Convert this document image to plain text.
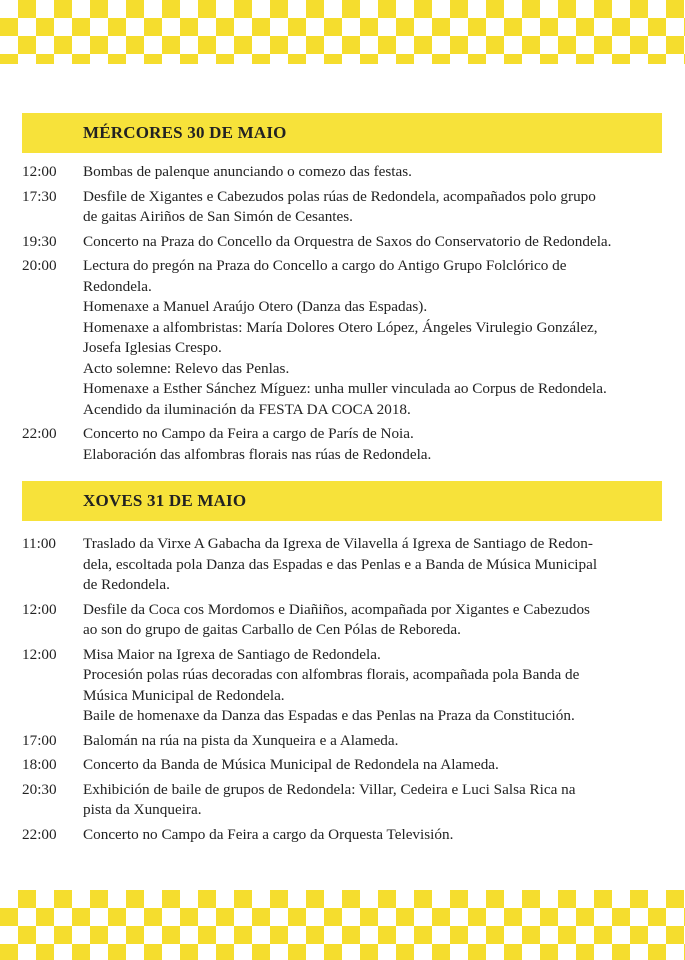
MÉRCORES 30 DE MAIO
12:00	Bombas de palenque anunciando o comezo das festas.
17:30	Desfile de Xigantes e Cabezudos polas rúas de Redondela, acompañados polo grupo
de gaitas Airiños de San Simón de Cesantes.
19:30	Concerto na Praza do Concello da Orquestra de Saxos do Conservatorio de Redondela.
20:00	Lectura do pregón na Praza do Concello a cargo do Antigo Grupo Folclórico de
Redondela.
Homenaxe a Manuel Araújo Otero (Danza das Espadas).
Homenaxe a alfombristas: María Dolores Otero López, Ángeles Virulegio González,
Josefa Iglesias Crespo.
Acto solemne: Relevo das Penlas.
Homenaxe a Esther Sánchez Míguez: unha muller vinculada ao Corpus de Redondela.
Acendido da iluminación da FESTA DA COCA 2018.
22:00	Concerto no Campo da Feira a cargo de París de Noia.
Elaboración das alfombras florais nas rúas de Redondela.
XOVES 31 DE MAIO
11:00	Traslado da Virxe A Gabacha da Igrexa de Vilavella á Igrexa de Santiago de Redon-
dela, escoltada pola Danza das Espadas e das Penlas e a Banda de Música Municipal
de Redondela.
12:00	Desfile da Coca cos Mordomos e Diañiños, acompañada por Xigantes e Cabezudos
ao son do grupo de gaitas Carballo de Cen Pólas de Reboreda.
12:00	Misa Maior na Igrexa de Santiago de Redondela.
Procesión polas rúas decoradas con alfombras florais, acompañada pola Banda de
Música Municipal de Redondela.
Baile de homenaxe da Danza das Espadas e das Penlas na Praza da Constitución.
17:00	Balomán na rúa na pista da Xunqueira e a Alameda.
18:00	Concerto da Banda de Música Municipal de Redondela na Alameda.
20:30	Exhibición de baile de grupos de Redondela: Villar, Cedeira e Luci Salsa Rica na
pista da Xunqueira.
22:00	Concerto no Campo da Feira a cargo da Orquesta Televisión.
